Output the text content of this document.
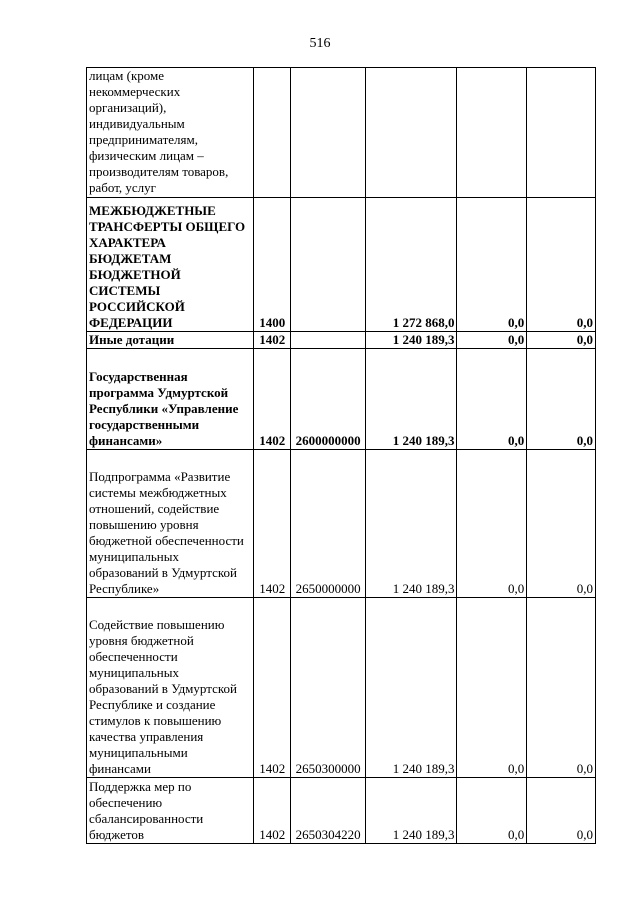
516
лицам (кроме некоммерческих организаций), индивидуальным предпринимателям, физическим лицам – производителям товаров, работ, услуг					

МЕЖБЮДЖЕТНЫЕ ТРАНСФЕРТЫ ОБЩЕГО ХАРАКТЕРА БЮДЖЕТАМ БЮДЖЕТНОЙ СИСТЕМЫ РОССИЙСКОЙ ФЕДЕРАЦИИ	1400		1 272 868,0	0,0	0,0

Иные дотации	1402		1 240 189,3	0,0	0,0

Государственная программа Удмуртской Республики «Управление государственными финансами»	1402	2600000000	1 240 189,3	0,0	0,0

Подпрограмма «Развитие системы межбюджетных отношений, содействие повышению уровня бюджетной обеспеченности муниципальных образований в Удмуртской Республике»	1402	2650000000	1 240 189,3	0,0	0,0

Содействие повышению уровня бюджетной обеспеченности муниципальных образований в Удмуртской Республике и создание стимулов к повышению качества управления муниципальными финансами	1402	2650300000	1 240 189,3	0,0	0,0

Поддержка мер по обеспечению сбалансированности бюджетов	1402	2650304220	1 240 189,3	0,0	0,0
